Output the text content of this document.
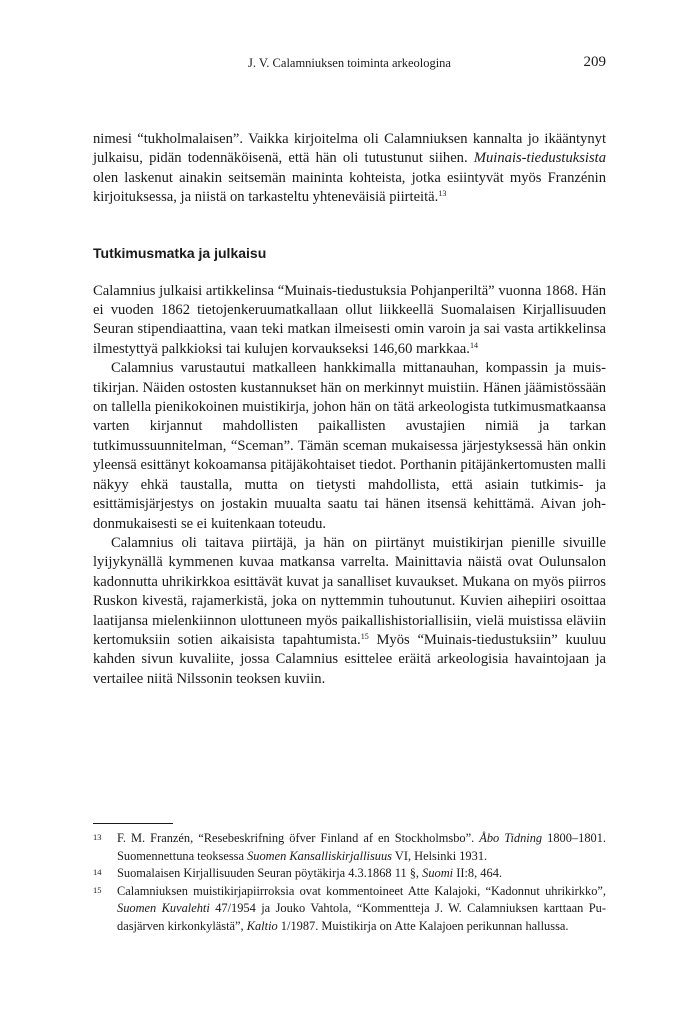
J. V. Calamniuksen toiminta arkeologina	209

nimesi “tukholmalaisen”. Vaikka kirjoitelma oli Calamniuksen kannalta jo ikääntynyt julkaisu, pidän todennäköisenä, että hän oli tutustunut siihen. Muinais-tiedustuksista olen laskenut ainakin seitsemän maininta kohteista, jotka esiintyvät myös Franzénin kirjoituksessa, ja niistä on tarkasteltu yhteneväisiä piirteitä.$^{13}$

Tutkimusmatka ja julkaisu

Calamnius julkaisi artikkelinsa “Muinais-tiedustuksia Pohjanperiltä” vuonna 1868. Hän ei vuoden 1862 tietojenkeruumatkallaan ollut liikkeellä Suomalaisen Kirjallisuuden Seuran stipendiaattina, vaan teki matkan ilmeisesti omin varoin ja sai vasta artikkelinsa ilmestyttyä palkkioksi tai kulujen korvaukseksi 146,60 markkaa.$^{14}$

Calamnius varustautui matkalleen hankkimalla mittanauhan, kompassin ja muistikirjan. Näiden ostosten kustannukset hän on merkinnyt muistiin. Hänen jäämistössään on tallella pienikokoinen muistikirja, johon hän on tätä arkeologista tutkimusmatkaansa varten kirjannut mahdollisten paikallisten avustajien nimiä ja tarkan tutkimussuunnitelman, “Sceman”. Tämän sceman mukaisessa järjestyksessä hän onkin yleensä esittänyt kokoamansa pitäjäkohtaiset tiedot. Porthanin pitäjänkertomusten malli näkyy ehkä taustalla, mutta on tietysti mahdollista, että asiain tutkimis- ja esittämisjärjestys on jostakin muualta saatu tai hänen itsensä kehittämä. Aivan johdonmukaisesti se ei kuitenkaan toteudu.

Calamnius oli taitava piirtäjä, ja hän on piirtänyt muistikirjan pienille sivuille lyijykynällä kymmenen kuvaa matkansa varrelta. Mainittavia näistä ovat Oulunsalon kadonnutta uhrikirkkoa esittävät kuvat ja sanalliset kuvaukset. Mukana on myös piirros Ruskon kivestä, rajamerkistä, joka on nyttemmin tuhoutunut. Kuvien aihepiiri osoittaa laatijansa mielenkiinnon ulottuneen myös paikallishistoriallisiin, vielä muistissa eläviin kertomuksiin sotien aikaisista tapahtumista.$^{15}$ Myös “Muinais-tiedustuksiin” kuuluu kahden sivun kuvaliite, jossa Calamnius esittelee eräitä arkeologisia havaintojaan ja vertailee niitä Nilssonin teoksen kuviin.

13 F. M. Franzén, “Resebeskrifning öfver Finland af en Stockholmsbo”. Åbo Tidning 1800–1801. Suomennettuna teoksessa Suomen Kansalliskirjallisuus VI, Helsinki 1931.
14 Suomalaisen Kirjallisuuden Seuran pöytäkirja 4.3.1868 11 §, Suomi II:8, 464.
15 Calamniuksen muistikirjapiirroksia ovat kommentoineet Atte Kalajoki, “Kadonnut uhrikirkko”, Suomen Kuvalehti 47/1954 ja Jouko Vahtola, “Kommentteja J. W. Calamniuksen karttaan Pudasjärven kirkonkylästä”, Kaltio 1/1987. Muistikirja on Atte Kalajoen perikunnan hallussa.
